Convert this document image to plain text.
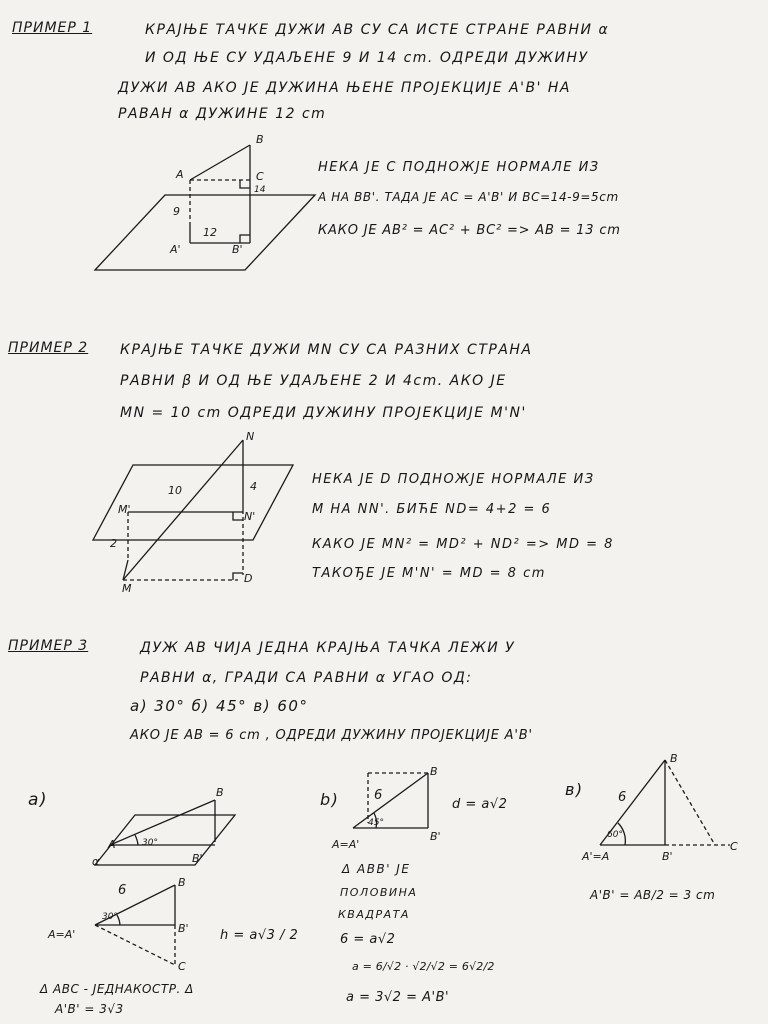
ПРИМЕР 1	КРАЈЊЕ ТАЧКЕ ДУЖИ АВ СУ СА ИСТЕ СТРАНЕ РАВНИ α
И ОД ЊЕ СУ УДАЉЕНЕ 9 И 14 cm. ОДРЕДИ ДУЖИНУ
ДУЖИ АВ АКО ЈЕ ДУЖИНА ЊЕНЕ ПРОЈЕКЦИЈЕ А'В' НА
РАВАН α ДУЖИНЕ 12 cm
B
A	C
14
9
12
A'	B'
НЕКА ЈЕ С ПОДНОЖЈЕ НОРМАЛЕ ИЗ
А НА ВВ'. ТАДА ЈЕ АС = А'В' И ВС=14-9=5cm
КАКО ЈЕ АВ² = АС² + ВС² => АВ = 13 cm
ПРИМЕР 2 КРАЈЊЕ ТАЧКЕ ДУЖИ MN СУ СА РАЗНИХ СТРАНА
РАВНИ β И ОД ЊЕ УДАЉЕНЕ 2 И 4cm. АКО ЈЕ
MN = 10 cm ОДРЕДИ ДУЖИНУ ПРОЈЕКЦИЈЕ M'N'
N
10	4
M'
N'
2
M
D
НЕКА ЈЕ D ПОДНОЖЈЕ НОРМАЛЕ ИЗ
M НА NN'. БИЋЕ ND= 4+2 = 6
КАКО ЈЕ MN² = MD² + ND² => MD = 8
ТАКОЂЕ ЈЕ M'N' = MD = 8 cm
ПРИМЕР 3	ДУЖ АВ ЧИЈА ЈЕДНА КРАЈЊА ТАЧКА ЛЕЖИ У
РАВНИ α, ГРАДИ СА РАВНИ α УГАО ОД:
а) 30° б) 45° в) 60°
АКО ЈЕ АВ = 6 cm , ОДРЕДИ ДУЖИНУ ПРОЈЕКЦИЈЕ А'В'
a)	B
A	30°
B'
α
6
B
30°
A=A'	B'
C
h = a√3 / 2
Δ ABC - ЈЕДНАКОСТР. Δ
A'B' = 3√3
b)
B
6
45°
A=A'
B'
d = a√2
Δ ABB' ЈЕ
ПОЛОВИНА
КВАДРАТА
6 = a√2
a = 6/√2 · √2/√2 = 6√2/2
a = 3√2 = A'B'
в)
B
6
60°
A'=A	B'
C
A'B' = AB/2 = 3 cm
